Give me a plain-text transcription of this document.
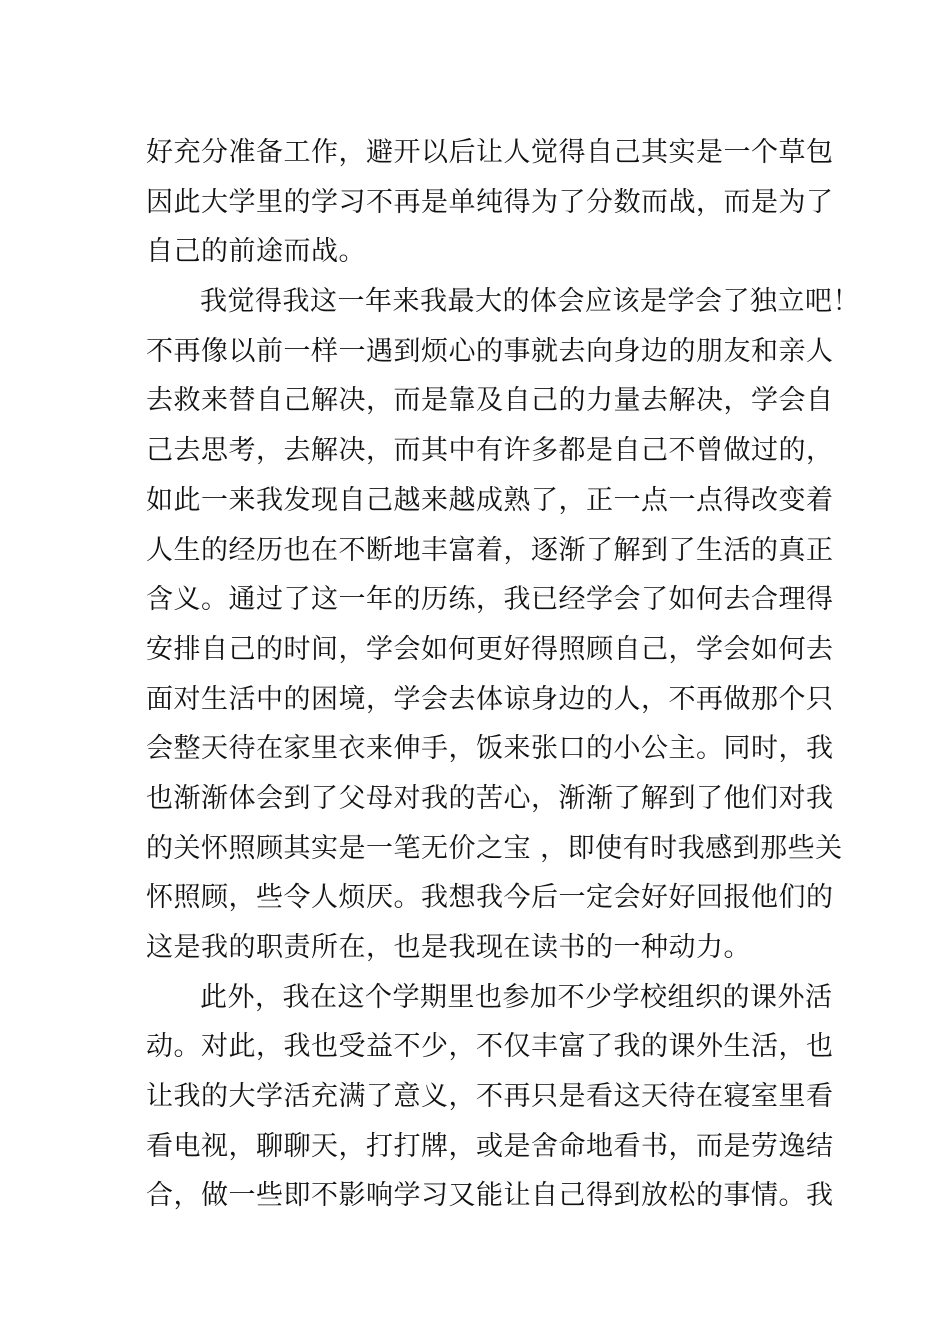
好充分准备工作，避开以后让人觉得自己其实是一个草包
因此大学里的学习不再是单纯得为了分数而战，而是为了
自己的前途而战。
我觉得我这一年来我最大的体会应该是学会了独立吧！
不再像以前一样一遇到烦心的事就去向身边的朋友和亲人
去救来替自己解决，而是靠及自己的力量去解决，学会自
己去思考，去解决，而其中有许多都是自己不曾做过的，
如此一来我发现自己越来越成熟了，正一点一点得改变着
人生的经历也在不断地丰富着，逐渐了解到了生活的真正
含义。通过了这一年的历练，我已经学会了如何去合理得
安排自己的时间，学会如何更好得照顾自己，学会如何去
面对生活中的困境，学会去体谅身边的人，不再做那个只
会整天待在家里衣来伸手，饭来张口的小公主。同时，我
也渐渐体会到了父母对我的苦心，渐渐了解到了他们对我
的关怀照顾其实是一笔无价之宝 ，即使有时我感到那些关
怀照顾，些令人烦厌。我想我今后一定会好好回报他们的
这是我的职责所在，也是我现在读书的一种动力。
此外，我在这个学期里也参加不少学校组织的课外活
动。对此，我也受益不少，不仅丰富了我的课外生活，也
让我的大学活充满了意义，不再只是看这天待在寝室里看
看电视，聊聊天，打打牌，或是舍命地看书，而是劳逸结
合，做一些即不影响学习又能让自己得到放松的事情。我
